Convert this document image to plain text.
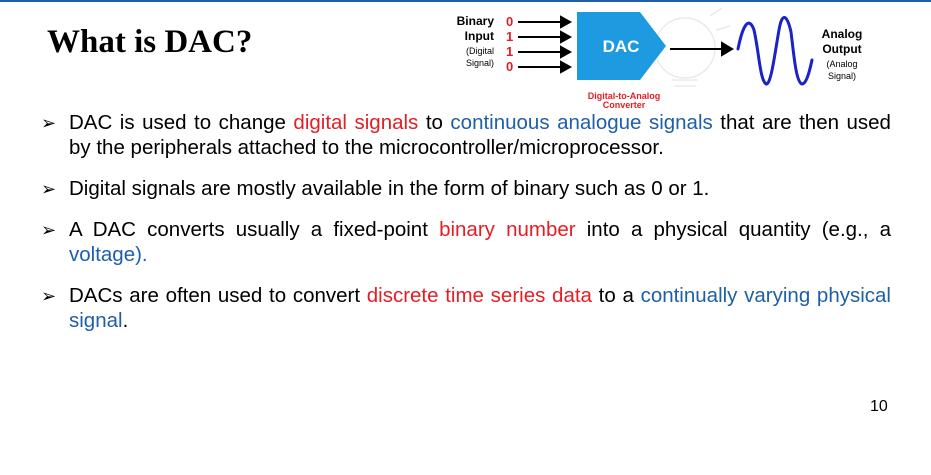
What is DAC?
Binary
Input
(Digital
Signal)
0
1
1
0
DAC
Digital-to-Analog
Converter
Analog
Output
(Analog
Signal)
➢ DAC is used to change digital signals to continuous analogue signals that are then used by the peripherals attached to the microcontroller/microprocessor.
➢ Digital signals are mostly available in the form of binary such as 0 or 1.
➢ A DAC converts usually a fixed-point binary number into a physical quantity (e.g., a voltage).
➢ DACs are often used to convert discrete time series data to a continually varying physical signal.
10
